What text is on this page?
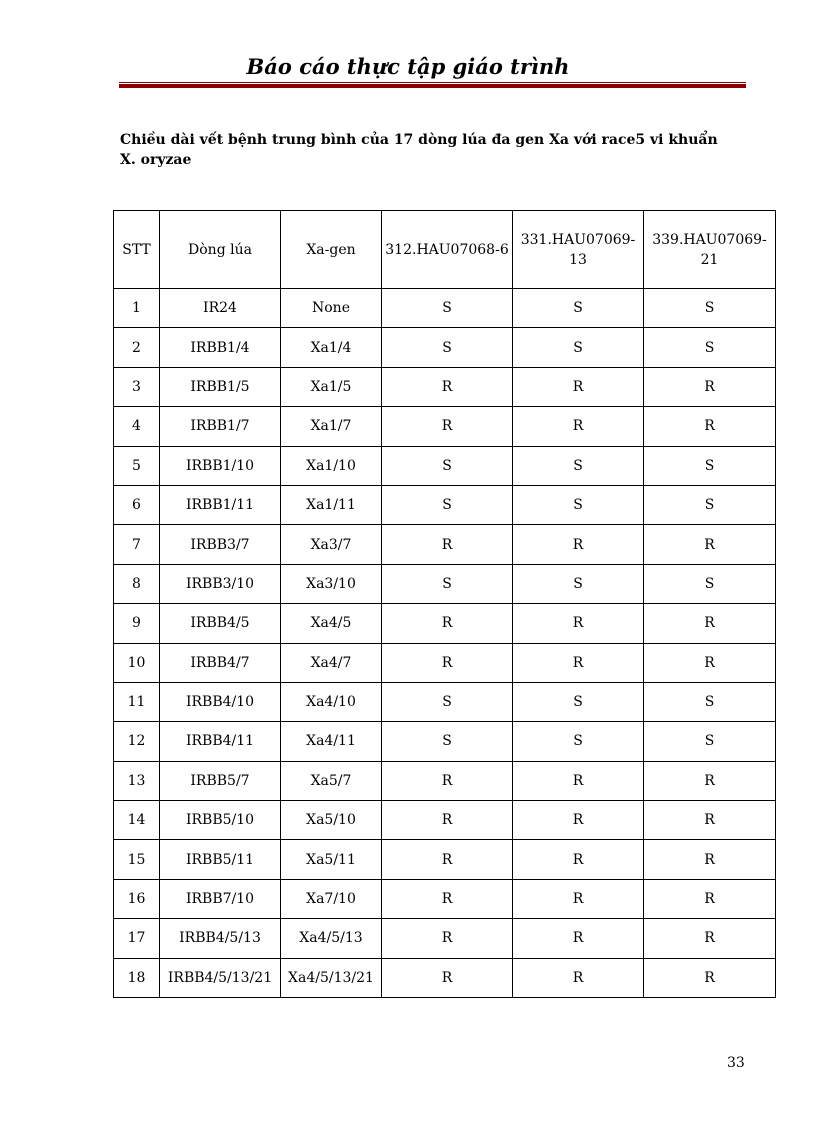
Báo cáo thực tập giáo trình
Chiều dài vết bệnh trung bình của 17 dòng lúa đa gen Xa với race5 vi khuẩn X. oryzae
STT	Dòng lúa	Xa-gen	312.HAU07068-6	331.HAU07069-13	339.HAU07069-21
1	IR24	None	S	S	S
2	IRBB1/4	Xa1/4	S	S	S
3	IRBB1/5	Xa1/5	R	R	R
4	IRBB1/7	Xa1/7	R	R	R
5	IRBB1/10	Xa1/10	S	S	S
6	IRBB1/11	Xa1/11	S	S	S
7	IRBB3/7	Xa3/7	R	R	R
8	IRBB3/10	Xa3/10	S	S	S
9	IRBB4/5	Xa4/5	R	R	R
10	IRBB4/7	Xa4/7	R	R	R
11	IRBB4/10	Xa4/10	S	S	S
12	IRBB4/11	Xa4/11	S	S	S
13	IRBB5/7	Xa5/7	R	R	R
14	IRBB5/10	Xa5/10	R	R	R
15	IRBB5/11	Xa5/11	R	R	R
16	IRBB7/10	Xa7/10	R	R	R
17	IRBB4/5/13	Xa4/5/13	R	R	R
18	IRBB4/5/13/21	Xa4/5/13/21	R	R	R
33
